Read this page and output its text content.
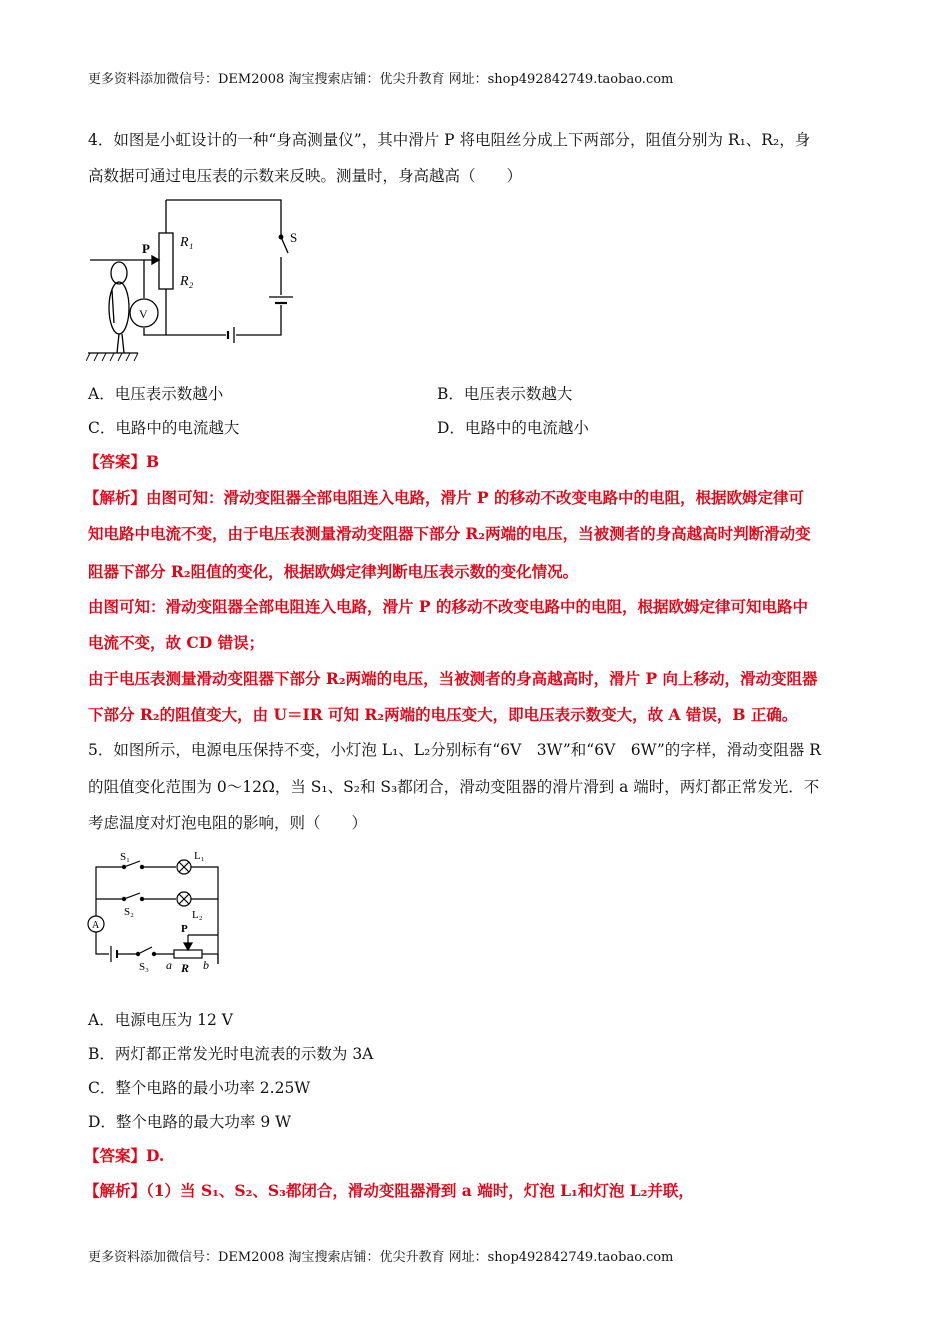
更多资料添加微信号：DEM2008 淘宝搜索店铺：优尖升教育 网址：shop492842749.taobao.com
4．如图是小虹设计的一种“身高测量仪”，其中滑片 P 将电阻丝分成上下两部分，阻值分别为 R₁、R₂，身
高数据可通过电压表的示数来反映。测量时，身高越高（　　）
P R₁
R₂
S
V
A．电压表示数越小	B．电压表示数越大
C．电路中的电流越大	D．电路中的电流越小
【答案】B
【解析】由图可知：滑动变阻器全部电阻连入电路，滑片 P 的移动不改变电路中的电阻，根据欧姆定律可
知电路中电流不变，由于电压表测量滑动变阻器下部分 R₂两端的电压，当被测者的身高越高时判断滑动变
阻器下部分 R₂阻值的变化，根据欧姆定律判断电压表示数的变化情况。
由图可知：滑动变阻器全部电阻连入电路，滑片 P 的移动不改变电路中的电阻，根据欧姆定律可知电路中
电流不变，故 CD 错误；
由于电压表测量滑动变阻器下部分 R₂两端的电压，当被测者的身高越高时，滑片 P 向上移动，滑动变阻器
下部分 R₂的阻值变大，由 U＝IR 可知 R₂两端的电压变大，即电压表示数变大，故 A 错误，B 正确。
5．如图所示，电源电压保持不变，小灯泡 L₁、L₂分别标有“6V　3W”和“6V　6W”的字样，滑动变阻器 R
的阻值变化范围为 0～12Ω，当 S₁、S₂和 S₃都闭合，滑动变阻器的滑片滑到 a 端时，两灯都正常发光．不
考虑温度对灯泡电阻的影响，则（　　）
S₁	L₁
S₂	L₂
A
S₃
P
a R b
A．电源电压为 12 V
B．两灯都正常发光时电流表的示数为 3A
C．整个电路的最小功率 2.25W
D．整个电路的最大功率 9 W
【答案】D.
【解析】（1）当 S₁、S₂、S₃都闭合，滑动变阻器滑到 a 端时，灯泡 L₁和灯泡 L₂并联，
更多资料添加微信号：DEM2008 淘宝搜索店铺：优尖升教育 网址：shop492842749.taobao.com
